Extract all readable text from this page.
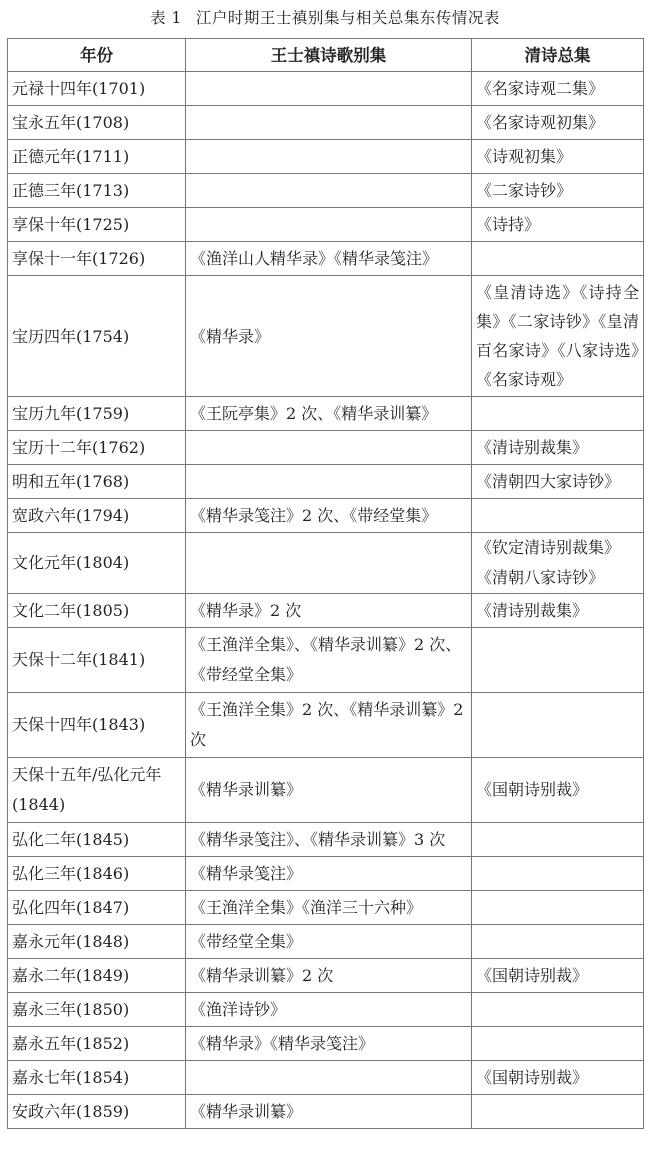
表 1 江户时期王士禛别集与相关总集东传情况表
年份	王士禛诗歌别集	清诗总集
元禄十四年(1701)		《名家诗观二集》
宝永五年(1708)		《名家诗观初集》
正德元年(1711)		《诗观初集》
正德三年(1713)		《二家诗钞》
享保十年(1725)		《诗持》
享保十一年(1726)	《渔洋山人精华录》《精华录笺注》	
宝历四年(1754)	《精华录》	《皇清诗选》《诗持全集》《二家诗钞》《皇清百名家诗》《八家诗选》《名家诗观》
宝历九年(1759)	《王阮亭集》2 次、《精华录训纂》	
宝历十二年(1762)		《清诗别裁集》
明和五年(1768)		《清朝四大家诗钞》
宽政六年(1794)	《精华录笺注》2 次、《带经堂集》	
文化元年(1804)		《钦定清诗别裁集》《清朝八家诗钞》
文化二年(1805)	《精华录》2 次	《清诗别裁集》
天保十二年(1841)	《王渔洋全集》、《精华录训纂》2 次、《带经堂全集》	
天保十四年(1843)	《王渔洋全集》2 次、《精华录训纂》2 次	
天保十五年/弘化元年(1844)	《精华录训纂》	《国朝诗别裁》
弘化二年(1845)	《精华录笺注》、《精华录训纂》3 次	
弘化三年(1846)	《精华录笺注》	
弘化四年(1847)	《王渔洋全集》《渔洋三十六种》	
嘉永元年(1848)	《带经堂全集》	
嘉永二年(1849)	《精华录训纂》2 次	《国朝诗别裁》
嘉永三年(1850)	《渔洋诗钞》	
嘉永五年(1852)	《精华录》《精华录笺注》	
嘉永七年(1854)		《国朝诗别裁》
安政六年(1859)	《精华录训纂》	
